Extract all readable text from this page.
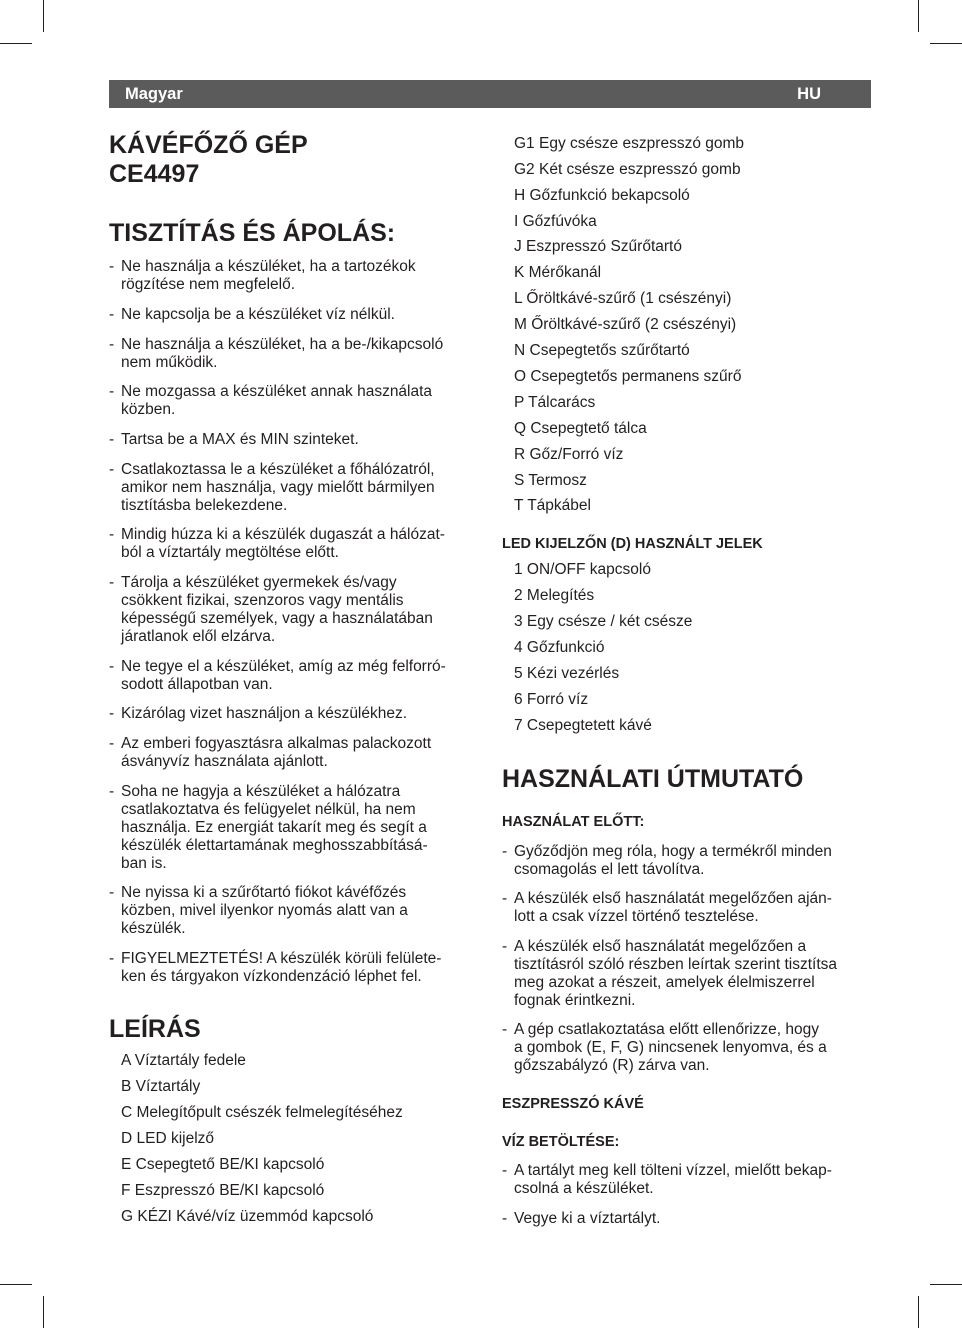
Magyar	HU
KÁVÉFŐZŐ GÉP
CE4497
TISZTÍTÁS ÉS ÁPOLÁS:
- Ne használja a készüléket, ha a tartozékok
rögzítése nem megfelelő.
- Ne kapcsolja be a készüléket víz nélkül.
- Ne használja a készüléket, ha a be-/kikapcsoló
nem működik.
- Ne mozgassa a készüléket annak használata
közben.
- Tartsa be a MAX és MIN szinteket.
- Csatlakoztassa le a készüléket a főhálózatról,
amikor nem használja, vagy mielőtt bármilyen
tisztításba belekezdene.
- Mindig húzza ki a készülék dugaszát a hálózat-
ból a víztartály megtöltése előtt.
- Tárolja a készüléket gyermekek és/vagy
csökkent fizikai, szenzoros vagy mentális
képességű személyek, vagy a használatában
járatlanok elől elzárva.
- Ne tegye el a készüléket, amíg az még felforró-
sodott állapotban van.
- Kizárólag vizet használjon a készülékhez.
- Az emberi fogyasztásra alkalmas palackozott
ásványvíz használata ajánlott.
- Soha ne hagyja a készüléket a hálózatra
csatlakoztatva és felügyelet nélkül, ha nem
használja. Ez energiát takarít meg és segít a
készülék élettartamának meghosszabbításá-
ban is.
- Ne nyissa ki a szűrőtartó fiókot kávéfőzés
közben, mivel ilyenkor nyomás alatt van a
készülék.
- FIGYELMEZTETÉS! A készülék körüli felülete-
ken és tárgyakon vízkondenzáció léphet fel.
LEÍRÁS
A Víztartály fedele
B Víztartály
C Melegítőpult csészék felmelegítéséhez
D LED kijelző
E Csepegtető BE/KI kapcsoló
F Eszpresszó BE/KI kapcsoló
G KÉZI Kávé/víz üzemmód kapcsoló
G1 Egy csésze eszpresszó gomb
G2 Két csésze eszpresszó gomb
H Gőzfunkció bekapcsoló
I Gőzfúvóka
J Eszpresszó Szűrőtartó
K Mérőkanál
L Őröltkávé-szűrő (1 csészényi)
M Őröltkávé-szűrő (2 csészényi)
N Csepegtetős szűrőtartó
O Csepegtetős permanens szűrő
P Tálcarács
Q Csepegtető tálca
R Gőz/Forró víz
S Termosz
T Tápkábel
LED KIJELZŐN (D) HASZNÁLT JELEK
1 ON/OFF kapcsoló
2 Melegítés
3 Egy csésze / két csésze
4 Gőzfunkció
5 Kézi vezérlés
6 Forró víz
7 Csepegtetett kávé
HASZNÁLATI ÚTMUTATÓ
HASZNÁLAT ELŐTT:
- Győződjön meg róla, hogy a termékről minden
csomagolás el lett távolítva.
- A készülék első használatát megelőzően aján-
lott a csak vízzel történő tesztelése.
- A készülék első használatát megelőzően a
tisztításról szóló részben leírtak szerint tisztítsa
meg azokat a részeit, amelyek élelmiszerrel
fognak érintkezni.
- A gép csatlakoztatása előtt ellenőrizze, hogy
a gombok (E, F, G) nincsenek lenyomva, és a
gőzszabályzó (R) zárva van.
ESZPRESSZÓ KÁVÉ
VÍZ BETÖLTÉSE:
- A tartályt meg kell tölteni vízzel, mielőtt bekap-
csolná a készüléket.
- Vegye ki a víztartályt.
